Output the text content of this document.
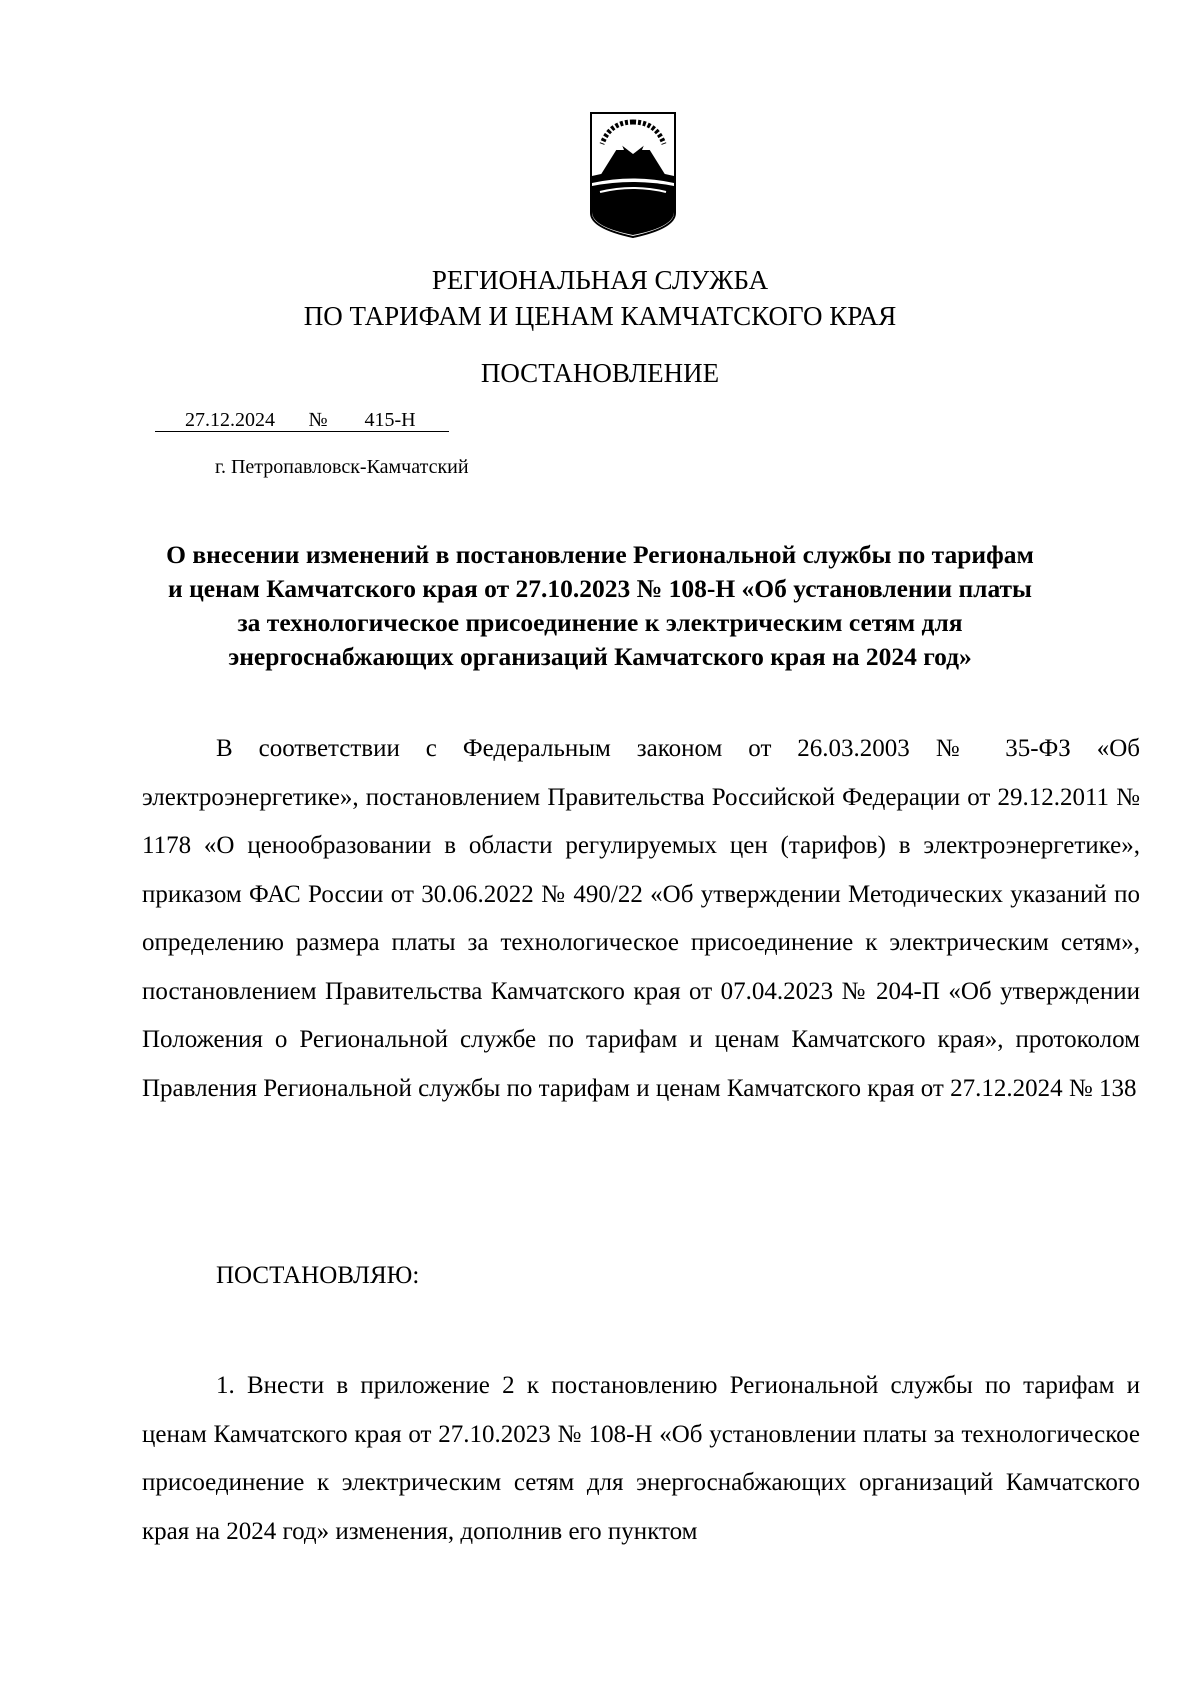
РЕГИОНАЛЬНАЯ СЛУЖБА
ПО ТАРИФАМ И ЦЕНАМ КАМЧАТСКОГО КРАЯ
ПОСТАНОВЛЕНИЕ
27.12.2024 № 415-Н
г. Петропавловск-Камчатский
О внесении изменений в постановление Региональной службы по тарифам
и ценам Камчатского края от 27.10.2023 № 108-Н «Об установлении платы
за технологическое присоединение к электрическим сетям для
энергоснабжающих организаций Камчатского края на 2024 год»
В соответствии с Федеральным законом от 26.03.2003 № 35-ФЗ «Об электроэнергетике», постановлением Правительства Российской Федерации от 29.12.2011 № 1178 «О ценообразовании в области регулируемых цен (тарифов) в электроэнергетике», приказом ФАС России от 30.06.2022 № 490/22 «Об утверждении Методических указаний по определению размера платы за технологическое присоединение к электрическим сетям», постановлением Правительства Камчатского края от 07.04.2023 № 204-П «Об утверждении Положения о Региональной службе по тарифам и ценам Камчатского края», протоколом Правления Региональной службы по тарифам и ценам Камчатского края от 27.12.2024 № 138
ПОСТАНОВЛЯЮ:
1. Внести в приложение 2 к постановлению Региональной службы по тарифам и ценам Камчатского края от 27.10.2023 № 108-Н «Об установлении платы за технологическое присоединение к электрическим сетям для энергоснабжающих организаций Камчатского края на 2024 год» изменения, дополнив его пунктом
